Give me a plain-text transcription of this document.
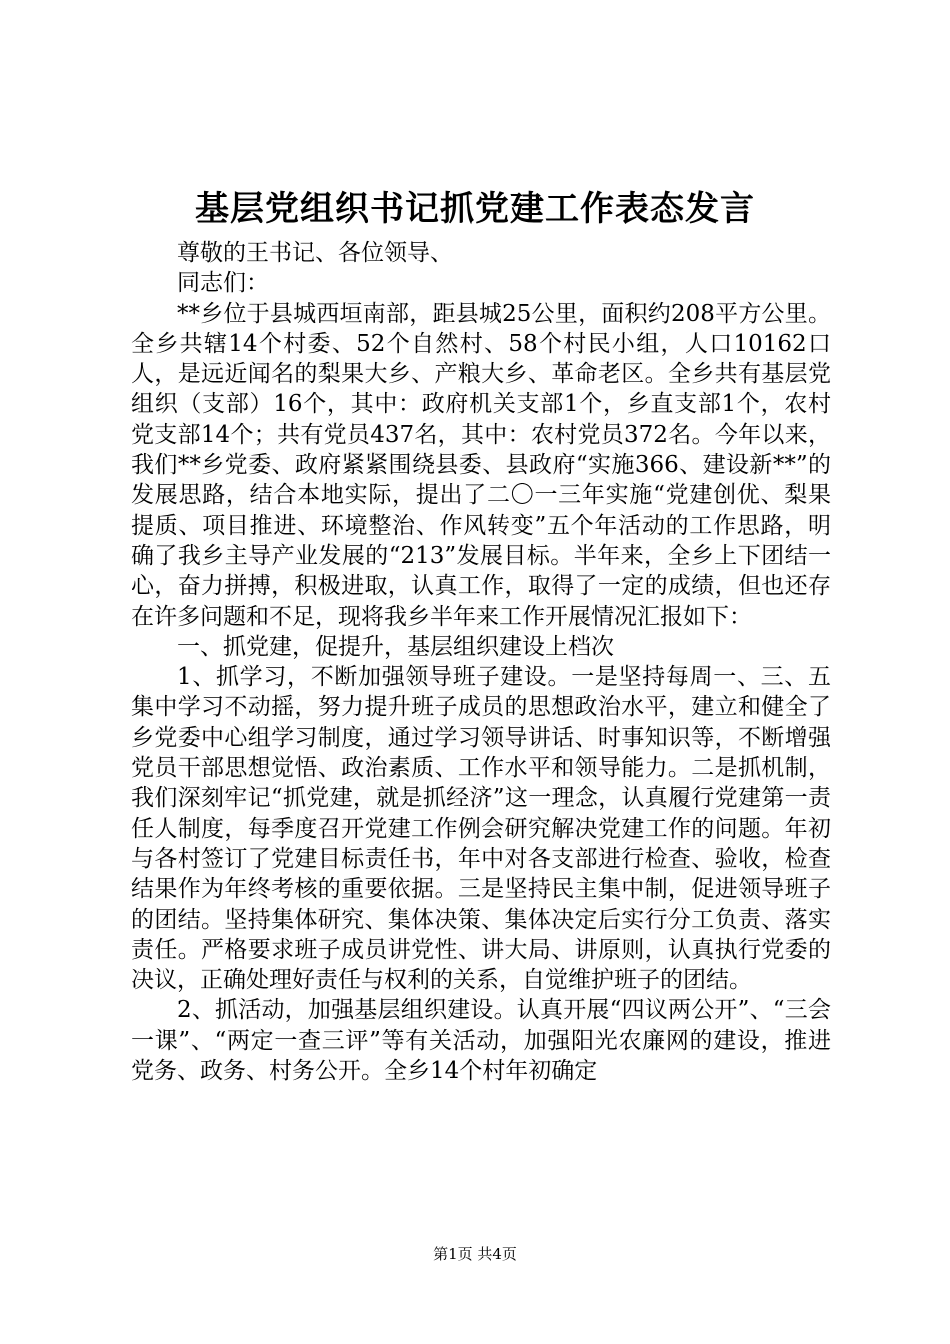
基层党组织书记抓党建工作表态发言

尊敬的王书记、各位领导、

同志们：

**乡位于县城西垣南部，距县城25公里，面积约208平方公里。全乡共辖14个村委、52个自然村、58个村民小组，人口10162口人，是远近闻名的梨果大乡、产粮大乡、革命老区。全乡共有基层党组织（支部）16个，其中：政府机关支部1个，乡直支部1个，农村党支部14个；共有党员437名，其中：农村党员372名。今年以来，我们**乡党委、政府紧紧围绕县委、县政府“实施366、建设新**”的发展思路，结合本地实际，提出了二〇一三年实施“党建创优、梨果提质、项目推进、环境整治、作风转变”五个年活动的工作思路，明确了我乡主导产业发展的“213”发展目标。半年来，全乡上下团结一心，奋力拼搏，积极进取，认真工作，取得了一定的成绩，但也还存在许多问题和不足，现将我乡半年来工作开展情况汇报如下：

一、抓党建，促提升，基层组织建设上档次

1、抓学习，不断加强领导班子建设。一是坚持每周一、三、五集中学习不动摇，努力提升班子成员的思想政治水平，建立和健全了乡党委中心组学习制度，通过学习领导讲话、时事知识等，不断增强党员干部思想觉悟、政治素质、工作水平和领导能力。二是抓机制，我们深刻牢记“抓党建，就是抓经济”这一理念，认真履行党建第一责任人制度，每季度召开党建工作例会研究解决党建工作的问题。年初与各村签订了党建目标责任书，年中对各支部进行检查、验收，检查结果作为年终考核的重要依据。三是坚持民主集中制，促进领导班子的团结。坚持集体研究、集体决策、集体决定后实行分工负责、落实责任。严格要求班子成员讲党性、讲大局、讲原则，认真执行党委的决议，正确处理好责任与权利的关系，自觉维护班子的团结。

2、抓活动，加强基层组织建设。认真开展“四议两公开”、“三会一课”、“两定一查三评”等有关活动，加强阳光农廉网的建设，推进党务、政务、村务公开。全乡14个村年初确定

第1页 共4页
